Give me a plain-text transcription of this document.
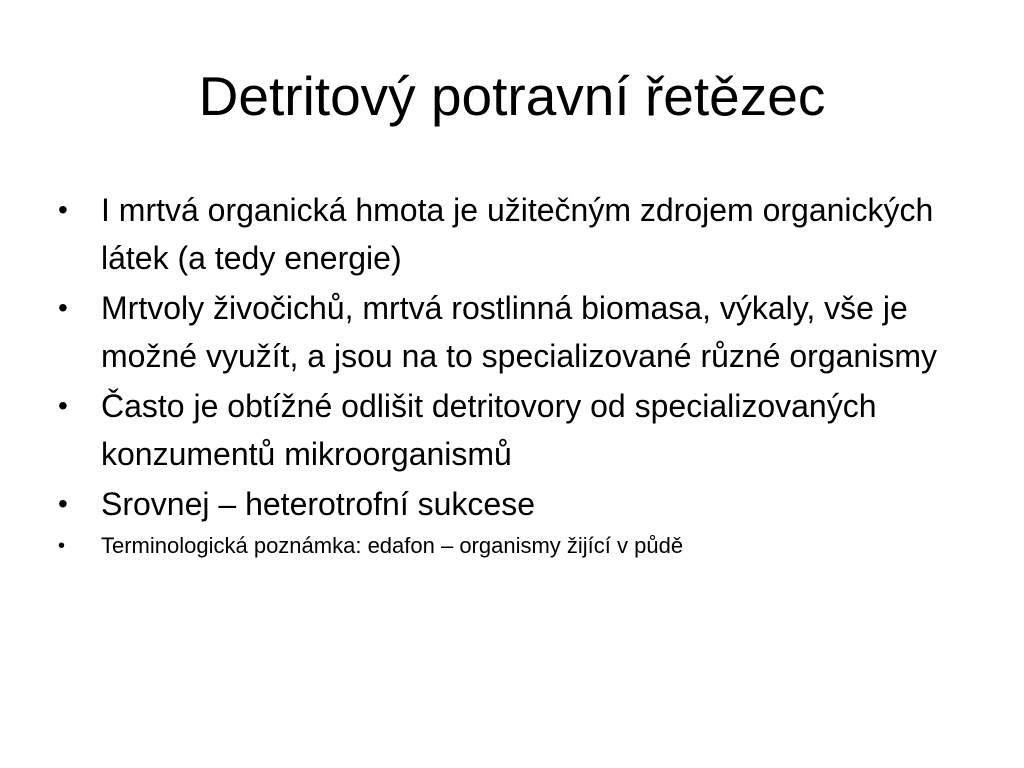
Detritový potravní řetězec
• I mrtvá organická hmota je užitečným zdrojem organických látek (a tedy energie)
• Mrtvoly živočichů, mrtvá rostlinná biomasa, výkaly, vše je možné využít, a jsou na to specializované různé organismy
• Často je obtížné odlišit detritovory od specializovaných konzumentů mikroorganismů
• Srovnej – heterotrofní sukcese
• Terminologická poznámka: edafon – organismy žijící v půdě
